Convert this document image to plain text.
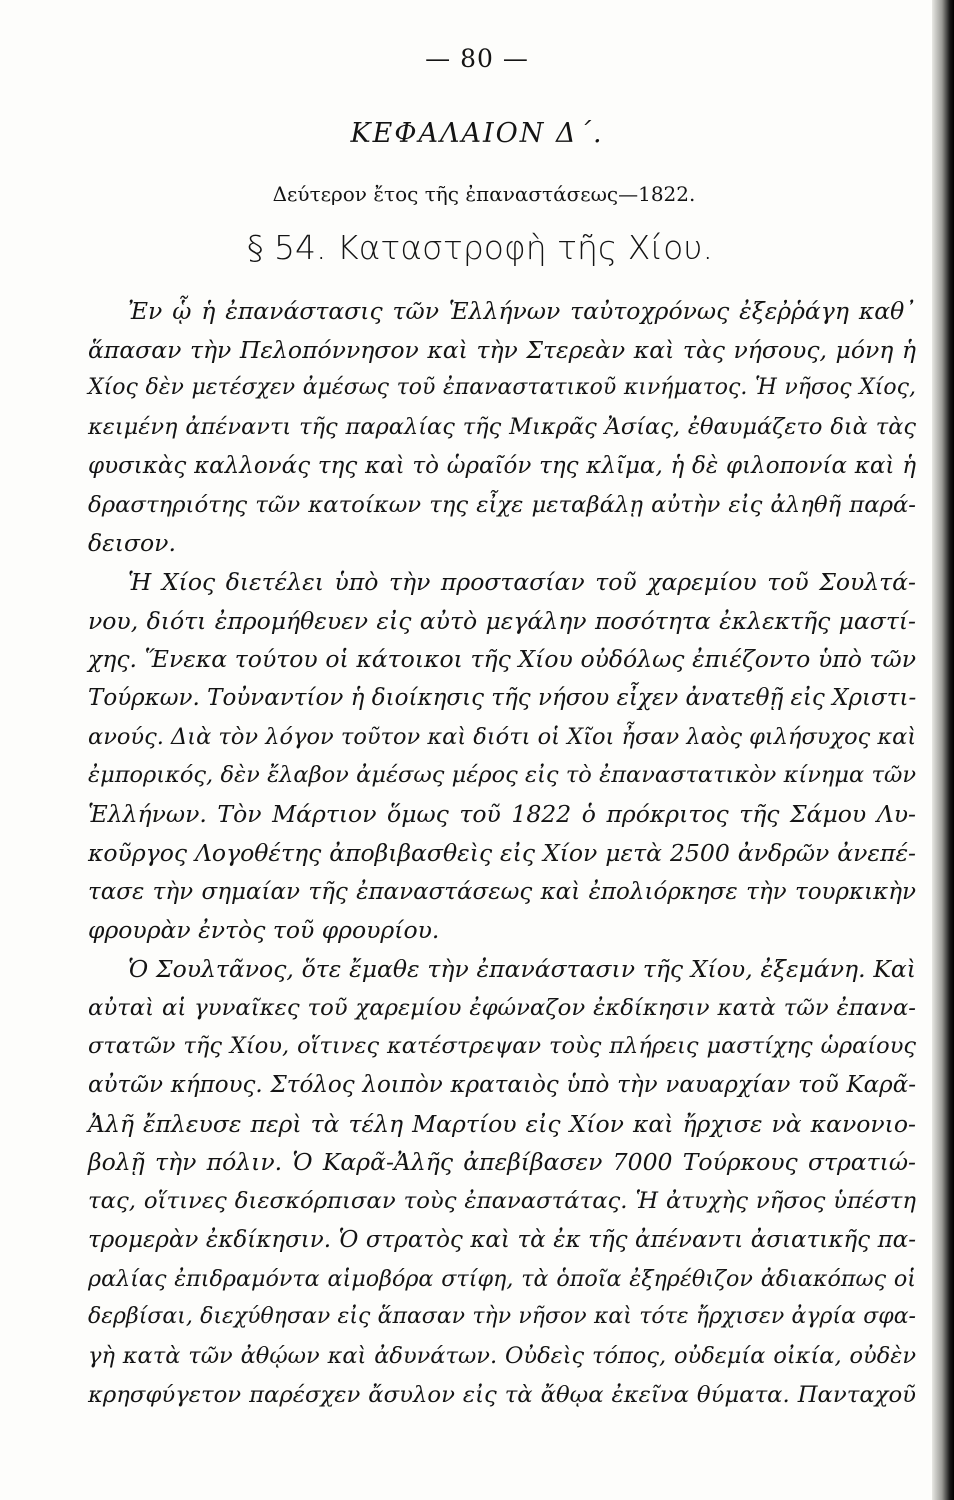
— 80 —
ΚΕΦΑΛΑΙΟΝ Δ΄.
Δεύτερον ἔτος τῆς ἐπαναστάσεως—1822.
§ 54. Καταστροφὴ τῆς Χίου.
Ἐν ᾧ ἡ ἐπανάστασις τῶν Ἑλλήνων ταὐτοχρόνως ἐξεῤῥάγη καθ᾽
ἅπασαν τὴν Πελοπόννησον καὶ τὴν Στερεὰν καὶ τὰς νήσους, μόνη ἡ
Χίος δὲν μετέσχεν ἀμέσως τοῦ ἐπαναστατικοῦ κινήματος. Ἡ νῆσος Χίος,
κειμένη ἀπέναντι τῆς παραλίας τῆς Μικρᾶς Ἀσίας, ἐθαυμάζετο διὰ τὰς
φυσικὰς καλλονάς της καὶ τὸ ὡραῖόν της κλῖμα, ἡ δὲ φιλοπονία καὶ ἡ
δραστηριότης τῶν κατοίκων της εἶχε μεταβάλῃ αὐτὴν εἰς ἀληθῆ παρά-
δεισον.
Ἡ Χίος διετέλει ὑπὸ τὴν προστασίαν τοῦ χαρεμίου τοῦ Σουλτά-
νου, διότι ἐπρομήθευεν εἰς αὐτὸ μεγάλην ποσότητα ἐκλεκτῆς μαστί-
χης. Ἕνεκα τούτου οἱ κάτοικοι τῆς Χίου οὐδόλως ἐπιέζοντο ὑπὸ τῶν
Τούρκων. Τοὐναντίον ἡ διοίκησις τῆς νήσου εἶχεν ἀνατεθῇ εἰς Χριστι-
ανούς. Διὰ τὸν λόγον τοῦτον καὶ διότι οἱ Χῖοι ἦσαν λαὸς φιλήσυχος καὶ
ἐμπορικός, δὲν ἔλαβον ἀμέσως μέρος εἰς τὸ ἐπαναστατικὸν κίνημα τῶν
Ἑλλήνων. Τὸν Μάρτιον ὅμως τοῦ 1822 ὁ πρόκριτος τῆς Σάμου Λυ-
κοῦργος Λογοθέτης ἀποβιβασθεὶς εἰς Χίον μετὰ 2500 ἀνδρῶν ἀνεπέ-
τασε τὴν σημαίαν τῆς ἐπαναστάσεως καὶ ἐπολιόρκησε τὴν τουρκικὴν
φρουρὰν ἐντὸς τοῦ φρουρίου.
Ὁ Σουλτᾶνος, ὅτε ἔμαθε τὴν ἐπανάστασιν τῆς Χίου, ἐξεμάνη. Καὶ
αὐταὶ αἱ γυναῖκες τοῦ χαρεμίου ἐφώναζον ἐκδίκησιν κατὰ τῶν ἐπανα-
στατῶν τῆς Χίου, οἵτινες κατέστρεψαν τοὺς πλήρεις μαστίχης ὡραίους
αὐτῶν κήπους. Στόλος λοιπὸν κραταιὸς ὑπὸ τὴν ναυαρχίαν τοῦ Καρᾶ-
Ἀλῆ ἔπλευσε περὶ τὰ τέλη Μαρτίου εἰς Χίον καὶ ἤρχισε νὰ κανονιο-
βολῇ τὴν πόλιν. Ὁ Καρᾶ-Ἀλῆς ἀπεβίβασεν 7000 Τούρκους στρατιώ-
τας, οἵτινες διεσκόρπισαν τοὺς ἐπαναστάτας. Ἡ ἀτυχὴς νῆσος ὑπέστη
τρομερὰν ἐκδίκησιν. Ὁ στρατὸς καὶ τὰ ἐκ τῆς ἀπέναντι ἀσιατικῆς πα-
ραλίας ἐπιδραμόντα αἱμοβόρα στίφη, τὰ ὁποῖα ἐξηρέθιζον ἀδιακόπως οἱ
δερβίσαι, διεχύθησαν εἰς ἅπασαν τὴν νῆσον καὶ τότε ἤρχισεν ἀγρία σφα-
γὴ κατὰ τῶν ἀθῴων καὶ ἀδυνάτων. Οὐδεὶς τόπος, οὐδεμία οἰκία, οὐδὲν
κρησφύγετον παρέσχεν ἄσυλον εἰς τὰ ἄθῳα ἐκεῖνα θύματα. Πανταχοῦ
